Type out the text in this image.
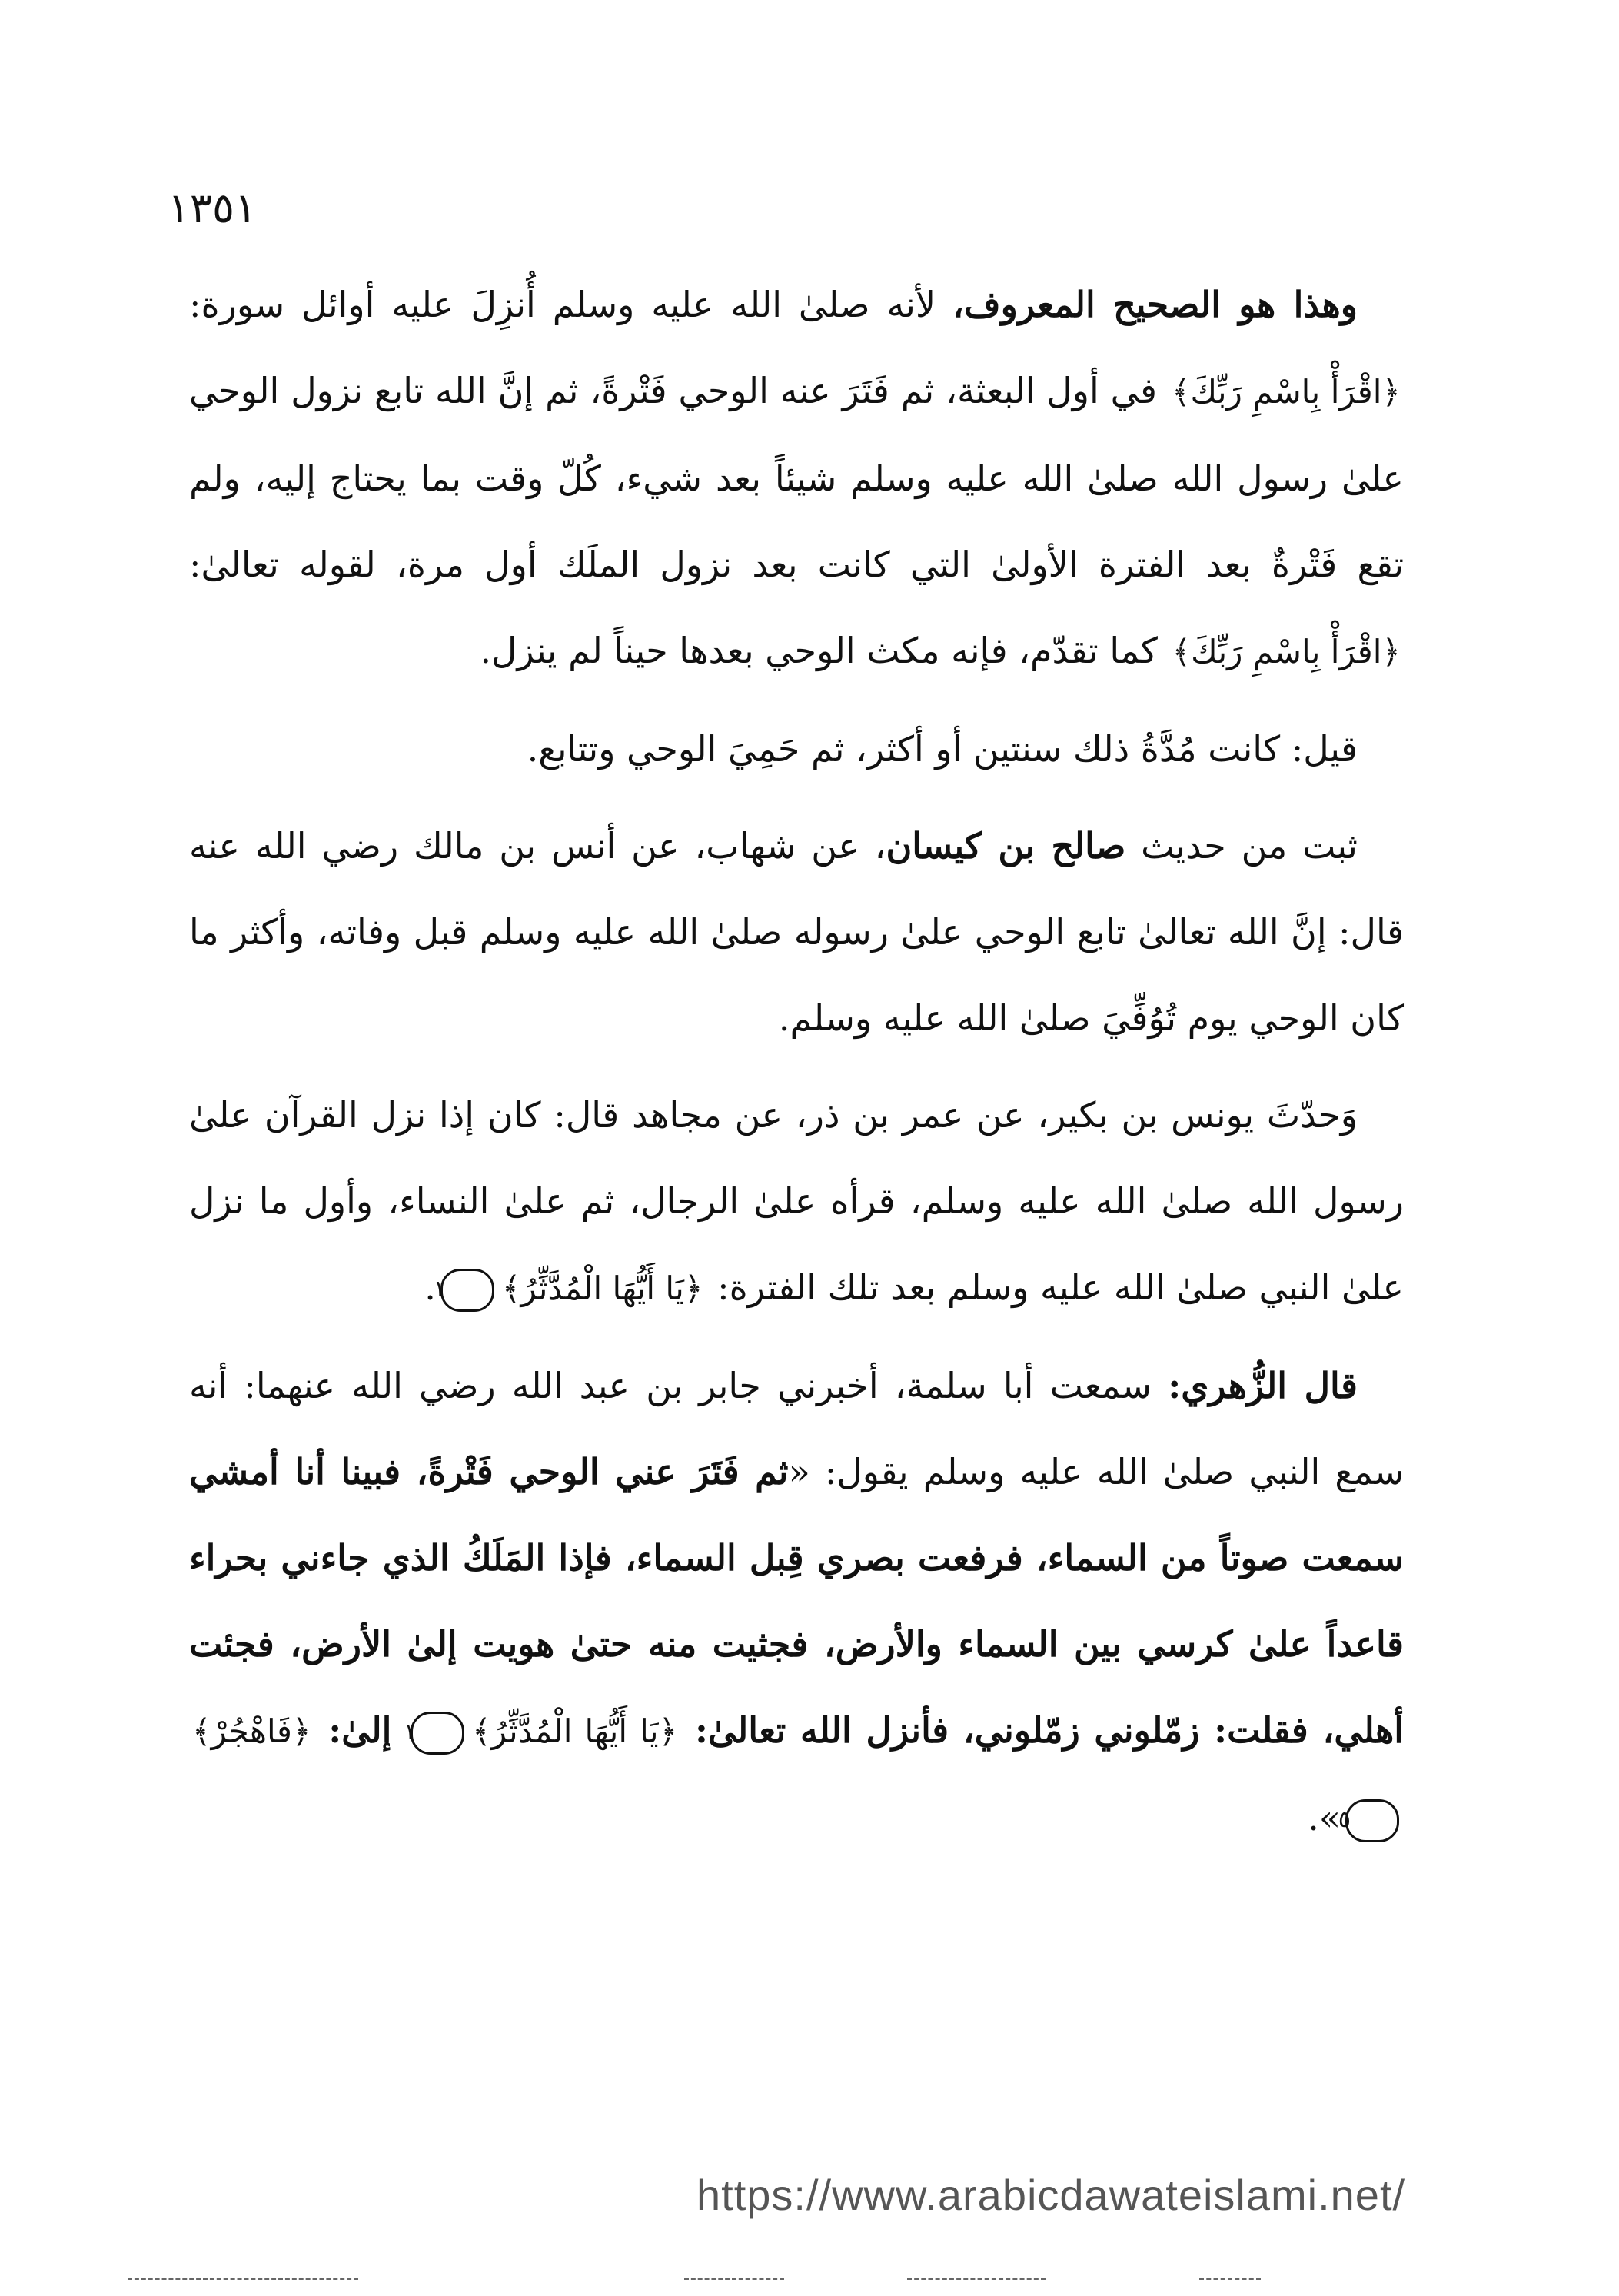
١٣٥١

وهذا هو الصحيح المعروف، لأنه صلىٰ الله عليه وسلم أُنزِلَ عليه أوائل سورة: ﴿اقْرَأْ بِاسْمِ رَبِّكَ﴾ في أول البعثة، ثم فَتَرَ عنه الوحي فَتْرةً، ثم إنَّ الله تابع نزول الوحي علىٰ رسول الله صلىٰ الله عليه وسلم شيئاً بعد شيء، كُلّ وقت بما يحتاج إليه، ولم تقع فَتْرةٌ بعد الفترة الأولىٰ التي كانت بعد نزول الملَك أول مرة، لقوله تعالىٰ: ﴿اقْرَأْ بِاسْمِ رَبِّكَ﴾ كما تقدّم، فإنه مكث الوحي بعدها حيناً لم ينزل.

قيل: كانت مُدَّةُ ذلك سنتين أو أكثر، ثم حَمِيَ الوحي وتتابع.

ثبت من حديث صالح بن كيسان، عن شهاب، عن أنس بن مالك رضي الله عنه قال: إنَّ الله تعالىٰ تابع الوحي علىٰ رسوله صلىٰ الله عليه وسلم قبل وفاته، وأكثر ما كان الوحي يوم تُوُفِّيَ صلىٰ الله عليه وسلم.

وَحدّثَ يونس بن بكير، عن عمر بن ذر، عن مجاهد قال: كان إذا نزل القرآن علىٰ رسول الله صلىٰ الله عليه وسلم، قرأه علىٰ الرجال، ثم علىٰ النساء، وأول ما نزل علىٰ النبي صلىٰ الله عليه وسلم بعد تلك الفترة: ﴿يَا أَيُّهَا الْمُدَّثِّرُ﴾١.

قال الزُّهري: سمعت أبا سلمة، أخبرني جابر بن عبد الله رضي الله عنهما: أنه سمع النبي صلىٰ الله عليه وسلم يقول: «ثم فَتَرَ عني الوحي فَتْرةً، فبينا أنا أمشي سمعت صوتاً من السماء، فرفعت بصري قِبل السماء، فإذا المَلَكُ الذي جاءني بحراء قاعداً علىٰ كرسي بين السماء والأرض، فجثيت منه حتىٰ هويت إلىٰ الأرض، فجئت أهلي، فقلت: زمّلوني زمّلوني، فأنزل الله تعالىٰ: ﴿يَا أَيُّهَا الْمُدَّثِّرُ﴾١ إلىٰ: ﴿فَاهْجُرْ﴾٥».

https://www.arabicdawateislami.net/
